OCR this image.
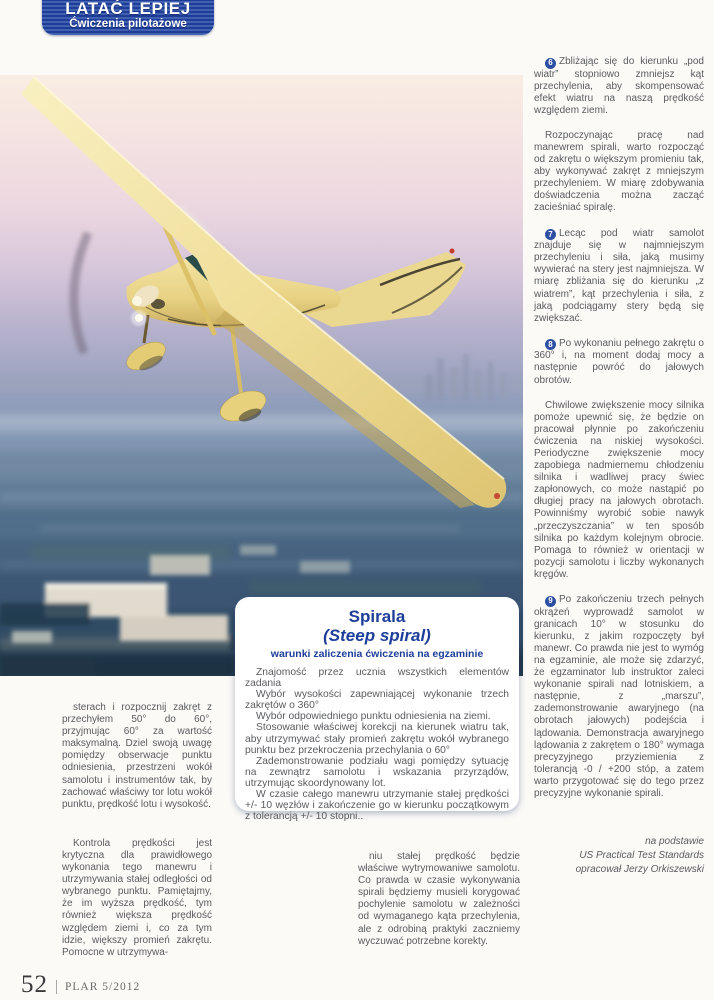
LATAĆ LEPIEJ
Ćwiczenia pilotażowe
Spirala
(Steep spiral)
warunki zaliczenia ćwiczenia na egzaminie

Znajomość przez ucznia wszystkich elementów zadania

Wybór wysokości zapewniającej wykonanie trzech zakrętów o 360°

Wybór odpowiedniego punktu odniesienia na ziemi.

Stosowanie właściwej korekcji na kierunek wiatru tak, aby utrzymywać stały promień zakrętu wokół wybranego punktu bez przekroczenia przechylania o 60°

Zademonstrowanie podziału wagi pomiędzy sytuację na zewnątrz samolotu i wskazania przyrządów, utrzymując skoordynowany lot.

W czasie całego manewru utrzymanie stałej prędkości +/- 10 węzłów i zakończenie go w kierunku początkowym z tolerancją +/- 10 stopni..

sterach i rozpocznij zakręt z przechyłem 50° do 60°, przyjmując 60° za wartość maksymalną. Dziel swoją uwagę pomiędzy obserwacje punktu odniesienia, przestrzeni wokół samolotu i instrumentów tak, by zachować właściwy tor lotu wokół punktu, prędkość lotu i wysokość.

Kontrola prędkości jest krytyczna dla prawidłowego wykonania tego manewru i utrzymywania stałej odległości od wybranego punktu. Pamiętajmy, że im wyższa prędkość, tym również większa prędkość względem ziemi i, co za tym idzie, większy promień zakrętu. Pomocne w utrzymywa-

niu stałej prędkość będzie właściwe wytrymowaniwe samolotu. Co prawda w czasie wykonywania spirali będziemy musieli korygować pochylenie samolotu w zależności od wymaganego kąta przechylenia, ale z odrobiną praktyki zaczniemy wyczuwać potrzebne korekty.

6 Zbliżając się do kierunku „pod wiatr” stopniowo zmniejsz kąt przechylenia, aby skompensować efekt wiatru na naszą prędkość względem ziemi.

Rozpoczynając pracę nad manewrem spirali, warto rozpocząć od zakrętu o większym promieniu tak, aby wykonywać zakręt z mniejszym przechyleniem. W miarę zdobywania doświadczenia można zacząć zacieśniać spiralę.

7 Lecąc pod wiatr samolot znajduje się w najmniejszym przechyleniu i siła, jaką musimy wywierać na stery jest najmniejsza. W miarę zbliżania się do kierunku „z wiatrem”, kąt przechylenia i siła, z jaką podciągamy stery będą się zwiększać.

8 Po wykonaniu pełnego zakrętu o 360° i, na moment dodaj mocy a następnie powróć do jałowych obrotów.

Chwilowe zwiększenie mocy silnika pomoże upewnić się, że będzie on pracował płynnie po zakończeniu ćwiczenia na niskiej wysokości. Periodyczne zwiększenie mocy zapobiega nadmiernemu chłodzeniu silnika i wadliwej pracy świec zapłonowych, co może nastąpić po długiej pracy na jałowych obrotach. Powinniśmy wyrobić sobie nawyk „przeczyszczania” w ten sposób silnika po każdym kolejnym obrocie. Pomaga to również w orientacji w pozycji samolotu i liczby wykonanych kręgów.

9 Po zakończeniu trzech pełnych okrążeń wyprowadź samolot w granicach 10° w stosunku do kierunku, z jakim rozpoczęty był manewr. Co prawda nie jest to wymóg na egzaminie, ale może się zdarzyć, że egzaminator lub instruktor zaleci wykonanie spirali nad lotniskiem, a następnie, z „marszu”, zademonstrowanie awaryjnego (na obrotach jałowych) podejścia i lądowania. Demonstracja awaryjnego lądowania z zakrętem o 180° wymaga precyzyjnego przyziemienia z tolerancją -0 / +200 stóp, a zatem warto przygotować się do tego przez precyzyjne wykonanie spirali.

na podstawie

US Practical Test Standards

opracował Jerzy Orkiszewski

52 PLAR 5/2012
